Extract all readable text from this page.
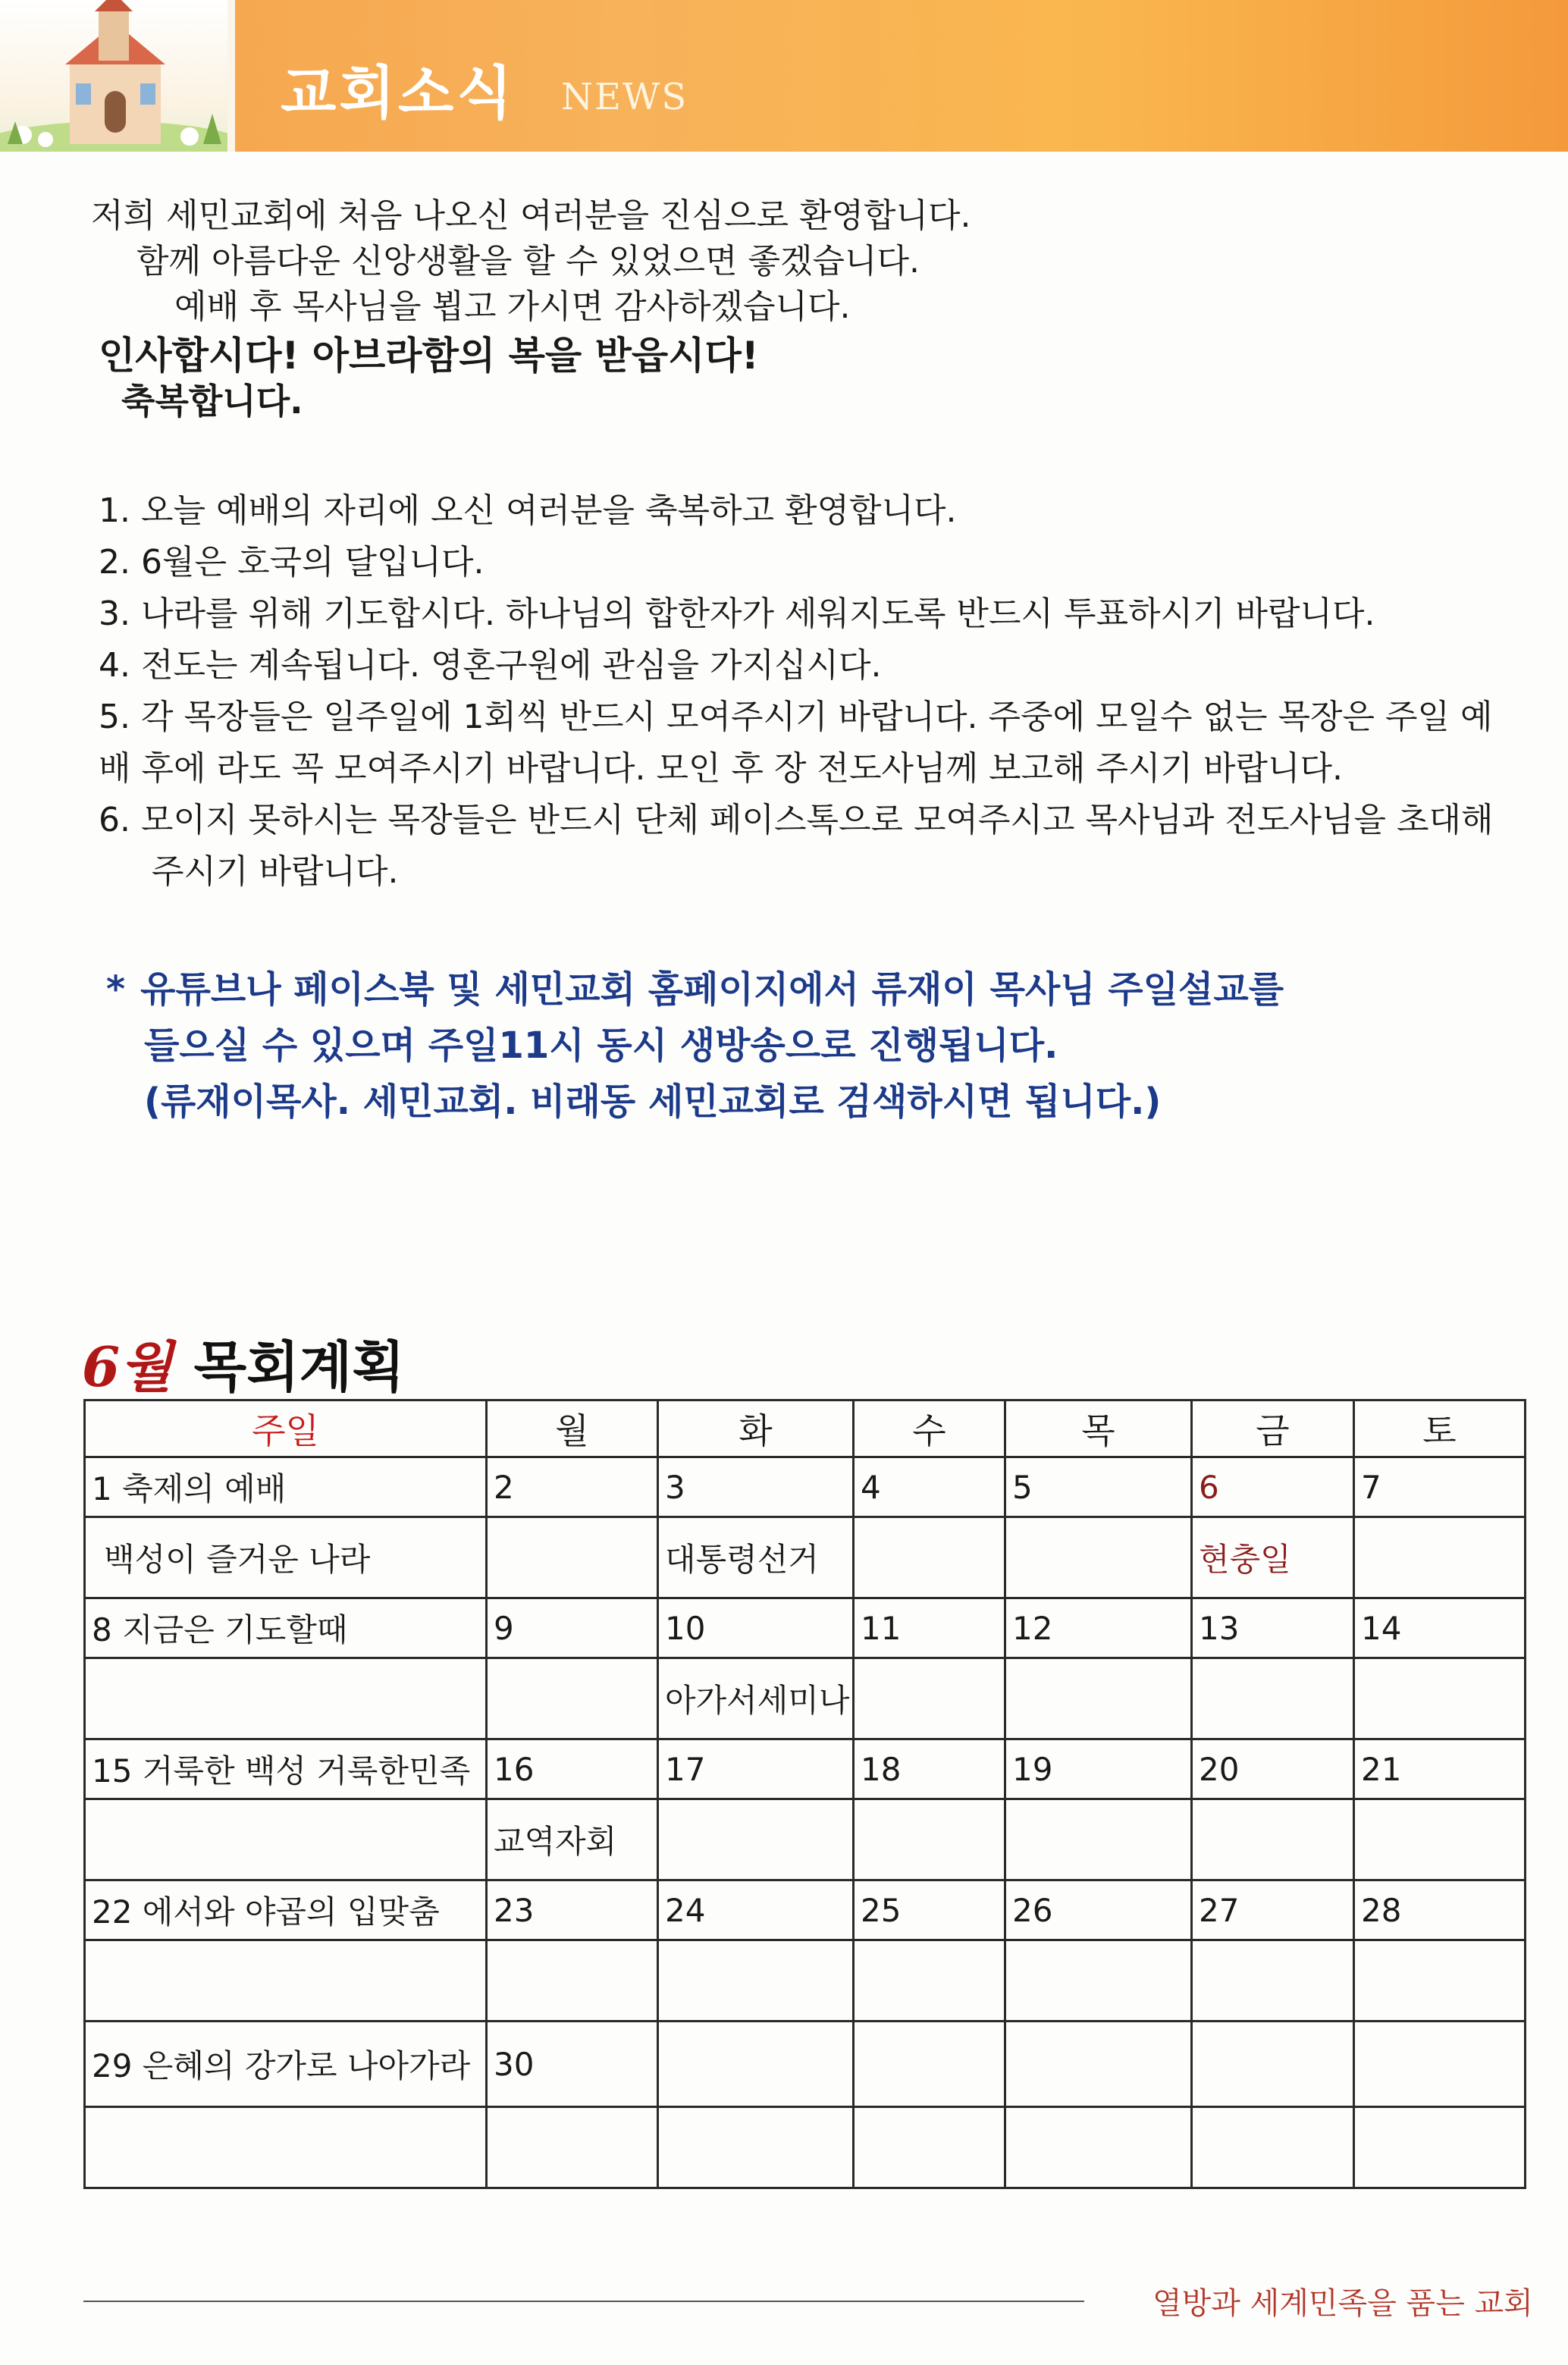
교회소식 NEWS
저희 세민교회에 처음 나오신 여러분을 진심으로 환영합니다.
함께 아름다운 신앙생활을 할 수 있었으면 좋겠습니다.
예배 후 목사님을 뵙고 가시면 감사하겠습니다.
인사합시다! 아브라함의 복을 받읍시다!
축복합니다.
1. 오늘 예배의 자리에 오신 여러분을 축복하고 환영합니다.
2. 6월은 호국의 달입니다.
3. 나라를 위해 기도합시다. 하나님의 합한자가 세워지도록 반드시 투표하시기 바랍니다.
4. 전도는 계속됩니다. 영혼구원에 관심을 가지십시다.
5. 각 목장들은 일주일에 1회씩 반드시 모여주시기 바랍니다. 주중에 모일수 없는 목장은 주일 예배 후에 라도 꼭 모여주시기 바랍니다. 모인 후 장 전도사님께 보고해 주시기 바랍니다.
6. 모이지 못하시는 목장들은 반드시 단체 페이스톡으로 모여주시고 목사님과 전도사님을 초대해 주시기 바랍니다.
* 유튜브나 페이스북 및 세민교회 홈페이지에서 류재이 목사님 주일설교를
들으실 수 있으며 주일11시 동시 생방송으로 진행됩니다.
(류재이목사. 세민교회. 비래동 세민교회로 검색하시면 됩니다.)
6월 목회계획
주일	월	화	수	목	금	토
1 축제의 예배	2	3	4	5	6	7
백성이 즐거운 나라		대통령선거			현충일	
8 지금은 기도할때	9	10	11	12	13	14
		아가서세미나				
15 거룩한 백성 거룩한민족	16	17	18	19	20	21
	교역자회					
22 에서와 야곱의 입맞춤	23	24	25	26	27	28

29 은혜의 강가로 나아가라	30					

열방과 세계민족을 품는 교회
